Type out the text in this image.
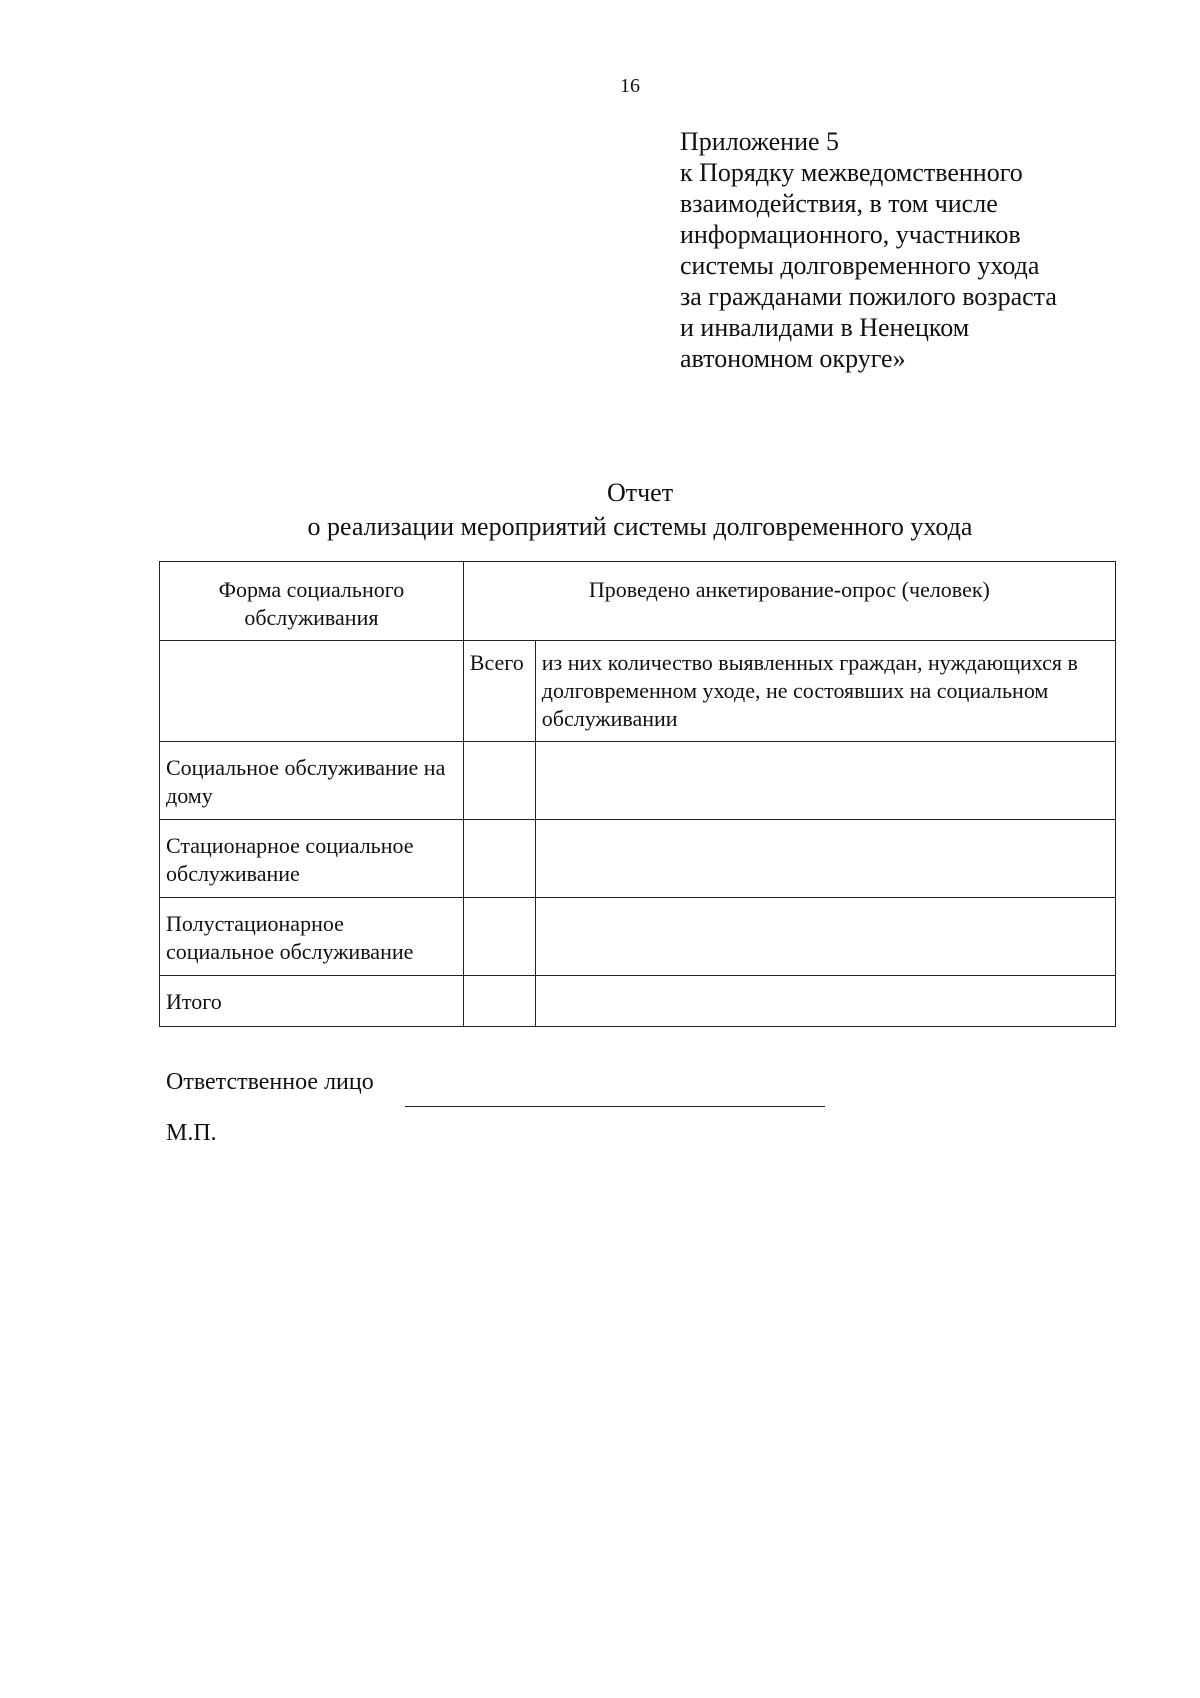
16
Приложение 5
к Порядку межведомственного
взаимодействия, в том числе
информационного, участников
системы долговременного ухода
за гражданами пожилого возраста
и инвалидами в Ненецком
автономном округе»
Отчет
о реализации мероприятий системы долговременного ухода
Форма социального обслуживания	Проведено анкетирование-опрос (человек)	
	Всего	из них количество выявленных граждан, нуждающихся в долговременном уходе, не состоявших на социальном обслуживании
Социальное обслуживание на дому		
Стационарное социальное обслуживание		
Полустационарное социальное обслуживание		
Итого		
Ответственное лицо
М.П.
